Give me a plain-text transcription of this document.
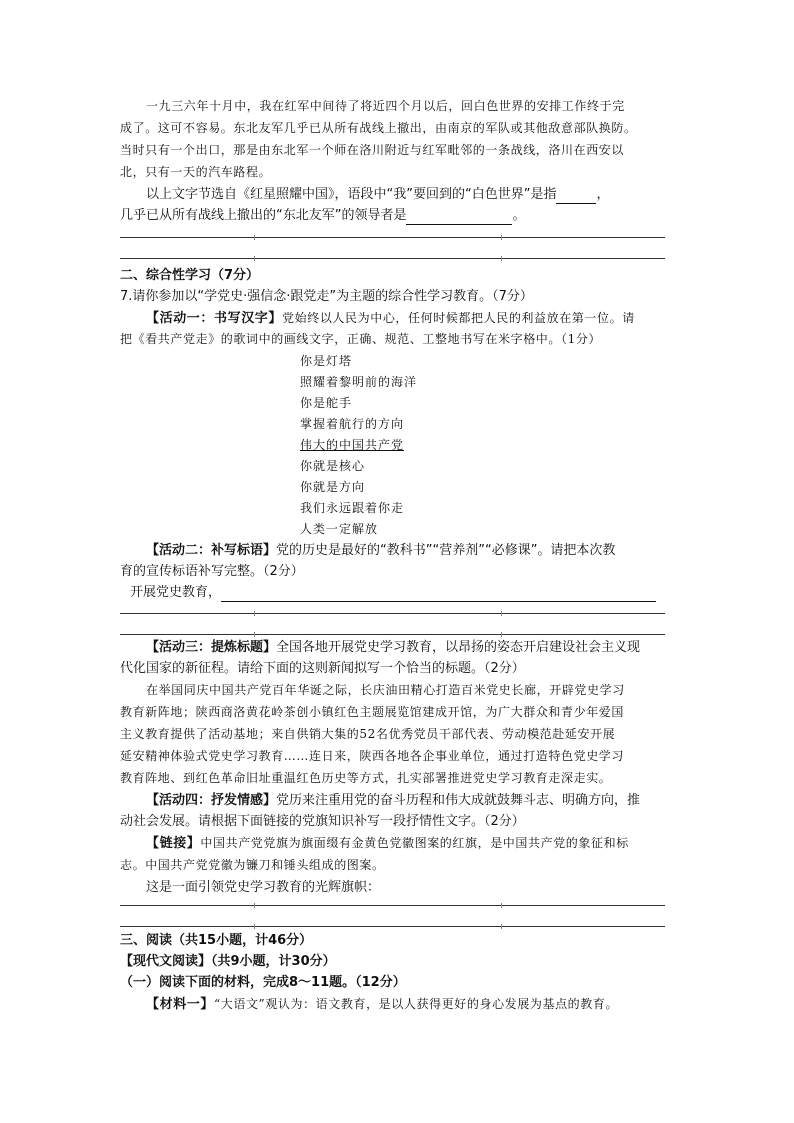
一九三六年十月中，我在红军中间待了将近四个月以后，回白色世界的安排工作终于完
成了。这可不容易。东北友军几乎已从所有战线上撤出，由南京的军队或其他敌意部队换防。
当时只有一个出口，那是由东北军一个师在洛川附近与红军毗邻的一条战线，洛川在西安以
北，只有一天的汽车路程。
以上文字节选自《红星照耀中国》，语段中“我”要回到的“白色世界”是指	，
几乎已从所有战线上撤出的“东北友军”的领导者是	。
二、综合性学习（7分）
7.请你参加以“学党史·强信念·跟党走”为主题的综合性学习教育。（7分）
【活动一：书写汉字】党始终以人民为中心，任何时候都把人民的利益放在第一位。请
把《看共产党走》的歌词中的画线文字，正确、规范、工整地书写在米字格中。（1分）
你是灯塔
照耀着黎明前的海洋
你是舵手
掌握着航行的方向
伟大的中国共产党
你就是核心
你就是方向
我们永远跟着你走
人类一定解放
【活动二：补写标语】党的历史是最好的“教科书”“营养剂”“必修课”。请把本次教
育的宣传标语补写完整。（2分）
开展党史教育，
【活动三：提炼标题】全国各地开展党史学习教育，以昂扬的姿态开启建设社会主义现
代化国家的新征程。请给下面的这则新闻拟写一个恰当的标题。（2分）
在举国同庆中国共产党百年华诞之际，长庆油田精心打造百米党史长廊，开辟党史学习
教育新阵地；陕西商洛黄花岭茶创小镇红色主题展览馆建成开馆，为广大群众和青少年爱国
主义教育提供了活动基地；来自供销大集的52名优秀党员干部代表、劳动模范赴延安开展
延安精神体验式党史学习教育……连日来，陕西各地各企事业单位，通过打造特色党史学习
教育阵地、到红色革命旧址重温红色历史等方式，扎实部署推进党史学习教育走深走实。
【活动四：抒发情感】党历来注重用党的奋斗历程和伟大成就鼓舞斗志、明确方向，推
动社会发展。请根据下面链接的党旗知识补写一段抒情性文字。（2分）
【链接】中国共产党党旗为旗面缀有金黄色党徽图案的红旗，是中国共产党的象征和标
志。中国共产党党徽为镰刀和锤头组成的图案。
这是一面引领党史学习教育的光辉旗帜：
三、阅读（共15小题，计46分）
【现代文阅读】（共9小题，计30分）
（一）阅读下面的材料，完成8～11题。（12分）
【材料一】“大语文”观认为：语文教育，是以人获得更好的身心发展为基点的教育。
